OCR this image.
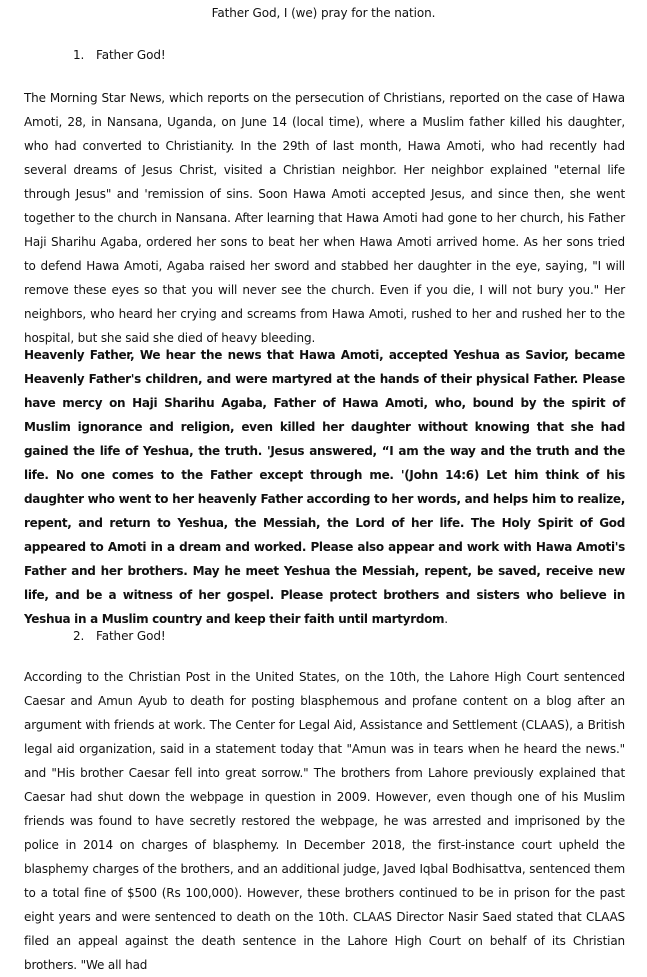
Father God, I (we) pray for the nation.
1. Father God!

The Morning Star News, which reports on the persecution of Christians, reported on the case of Hawa Amoti, 28, in Nansana, Uganda, on June 14 (local time), where a Muslim father killed his daughter, who had converted to Christianity. In the 29th of last month, Hawa Amoti, who had recently had several dreams of Jesus Christ, visited a Christian neighbor. Her neighbor explained "eternal life through Jesus" and 'remission of sins. Soon Hawa Amoti accepted Jesus, and since then, she went together to the church in Nansana. After learning that Hawa Amoti had gone to her church, his Father Haji Sharihu Agaba, ordered her sons to beat her when Hawa Amoti arrived home. As her sons tried to defend Hawa Amoti, Agaba raised her sword and stabbed her daughter in the eye, saying, "I will remove these eyes so that you will never see the church. Even if you die, I will not bury you." Her neighbors, who heard her crying and screams from Hawa Amoti, rushed to her and rushed her to the hospital, but she said she died of heavy bleeding.

Heavenly Father, We hear the news that Hawa Amoti, accepted Yeshua as Savior, became Heavenly Father's children, and were martyred at the hands of their physical Father. Please have mercy on Haji Sharihu Agaba, Father of Hawa Amoti, who, bound by the spirit of Muslim ignorance and religion, even killed her daughter without knowing that she had gained the life of Yeshua, the truth. 'Jesus answered, “I am the way and the truth and the life. No one comes to the Father except through me. '(John 14:6) Let him think of his daughter who went to her heavenly Father according to her words, and helps him to realize, repent, and return to Yeshua, the Messiah, the Lord of her life. The Holy Spirit of God appeared to Amoti in a dream and worked. Please also appear and work with Hawa Amoti's Father and her brothers. May he meet Yeshua the Messiah, repent, be saved, receive new life, and be a witness of her gospel. Please protect brothers and sisters who believe in Yeshua in a Muslim country and keep their faith until martyrdom.

2. Father God!

According to the Christian Post in the United States, on the 10th, the Lahore High Court sentenced Caesar and Amun Ayub to death for posting blasphemous and profane content on a blog after an argument with friends at work. The Center for Legal Aid, Assistance and Settlement (CLAAS), a British legal aid organization, said in a statement today that "Amun was in tears when he heard the news." and "His brother Caesar fell into great sorrow." The brothers from Lahore previously explained that Caesar had shut down the webpage in question in 2009. However, even though one of his Muslim friends was found to have secretly restored the webpage, he was arrested and imprisoned by the police in 2014 on charges of blasphemy. In December 2018, the first-instance court upheld the blasphemy charges of the brothers, and an additional judge, Javed Iqbal Bodhisattva, sentenced them to a total fine of $500 (Rs 100,000). However, these brothers continued to be in prison for the past eight years and were sentenced to death on the 10th. CLAAS Director Nasir Saed stated that CLAAS filed an appeal against the death sentence in the Lahore High Court on behalf of its Christian brothers. "We all had
